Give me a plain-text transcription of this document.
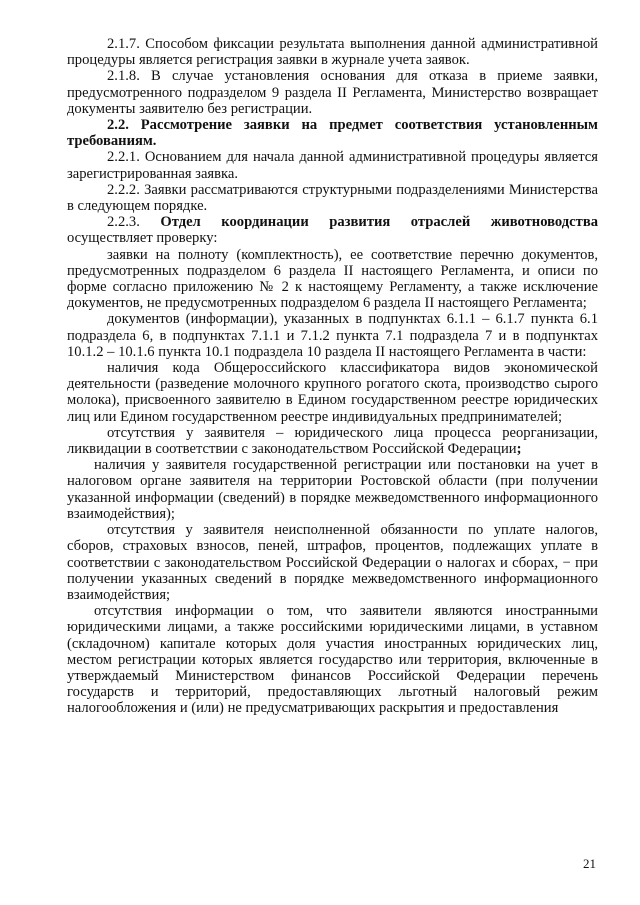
2.1.7. Способом фиксации результата выполнения данной административной процедуры является регистрация заявки в журнале учета заявок.

2.1.8. В случае установления основания для отказа в приеме заявки, предусмотренного подразделом 9 раздела II Регламента, Министерство возвращает документы заявителю без регистрации.

2.2. Рассмотрение заявки на предмет соответствия установленным требованиям.

2.2.1. Основанием для начала данной административной процедуры является зарегистрированная заявка.

2.2.2. Заявки рассматриваются структурными подразделениями Министерства в следующем порядке.

2.2.3. Отдел координации развития отраслей животноводства осуществляет проверку:

заявки на полноту (комплектность), ее соответствие перечню документов, предусмотренных подразделом 6 раздела II настоящего Регламента, и описи по форме согласно приложению № 2 к настоящему Регламенту, а также исключение документов, не предусмотренных подразделом 6 раздела II настоящего Регламента;

документов (информации), указанных в подпунктах 6.1.1 – 6.1.7 пункта 6.1 подраздела 6, в подпунктах 7.1.1 и 7.1.2 пункта 7.1 подраздела 7 и в подпунктах 10.1.2 – 10.1.6 пункта 10.1 подраздела 10 раздела II настоящего Регламента в части:

наличия кода Общероссийского классификатора видов экономической деятельности (разведение молочного крупного рогатого скота, производство сырого молока), присвоенного заявителю в Едином государственном реестре юридических лиц или Едином государственном реестре индивидуальных предпринимателей;

отсутствия у заявителя – юридического лица процесса реорганизации, ликвидации в соответствии с законодательством Российской Федерации;

наличия у заявителя государственной регистрации или постановки на учет в налоговом органе заявителя на территории Ростовской области (при получении указанной информации (сведений) в порядке межведомственного информационного взаимодействия);

отсутствия у заявителя неисполненной обязанности по уплате налогов, сборов, страховых взносов, пеней, штрафов, процентов, подлежащих уплате в соответствии с законодательством Российской Федерации о налогах и сборах, − при получении указанных сведений в порядке межведомственного информационного взаимодействия;

отсутствия информации о том, что заявители являются иностранными юридическими лицами, а также российскими юридическими лицами, в уставном (складочном) капитале которых доля участия иностранных юридических лиц, местом регистрации которых является государство или территория, включенные в утверждаемый Министерством финансов Российской Федерации перечень государств и территорий, предоставляющих льготный налоговый режим налогообложения и (или) не предусматривающих раскрытия и предоставления

21
